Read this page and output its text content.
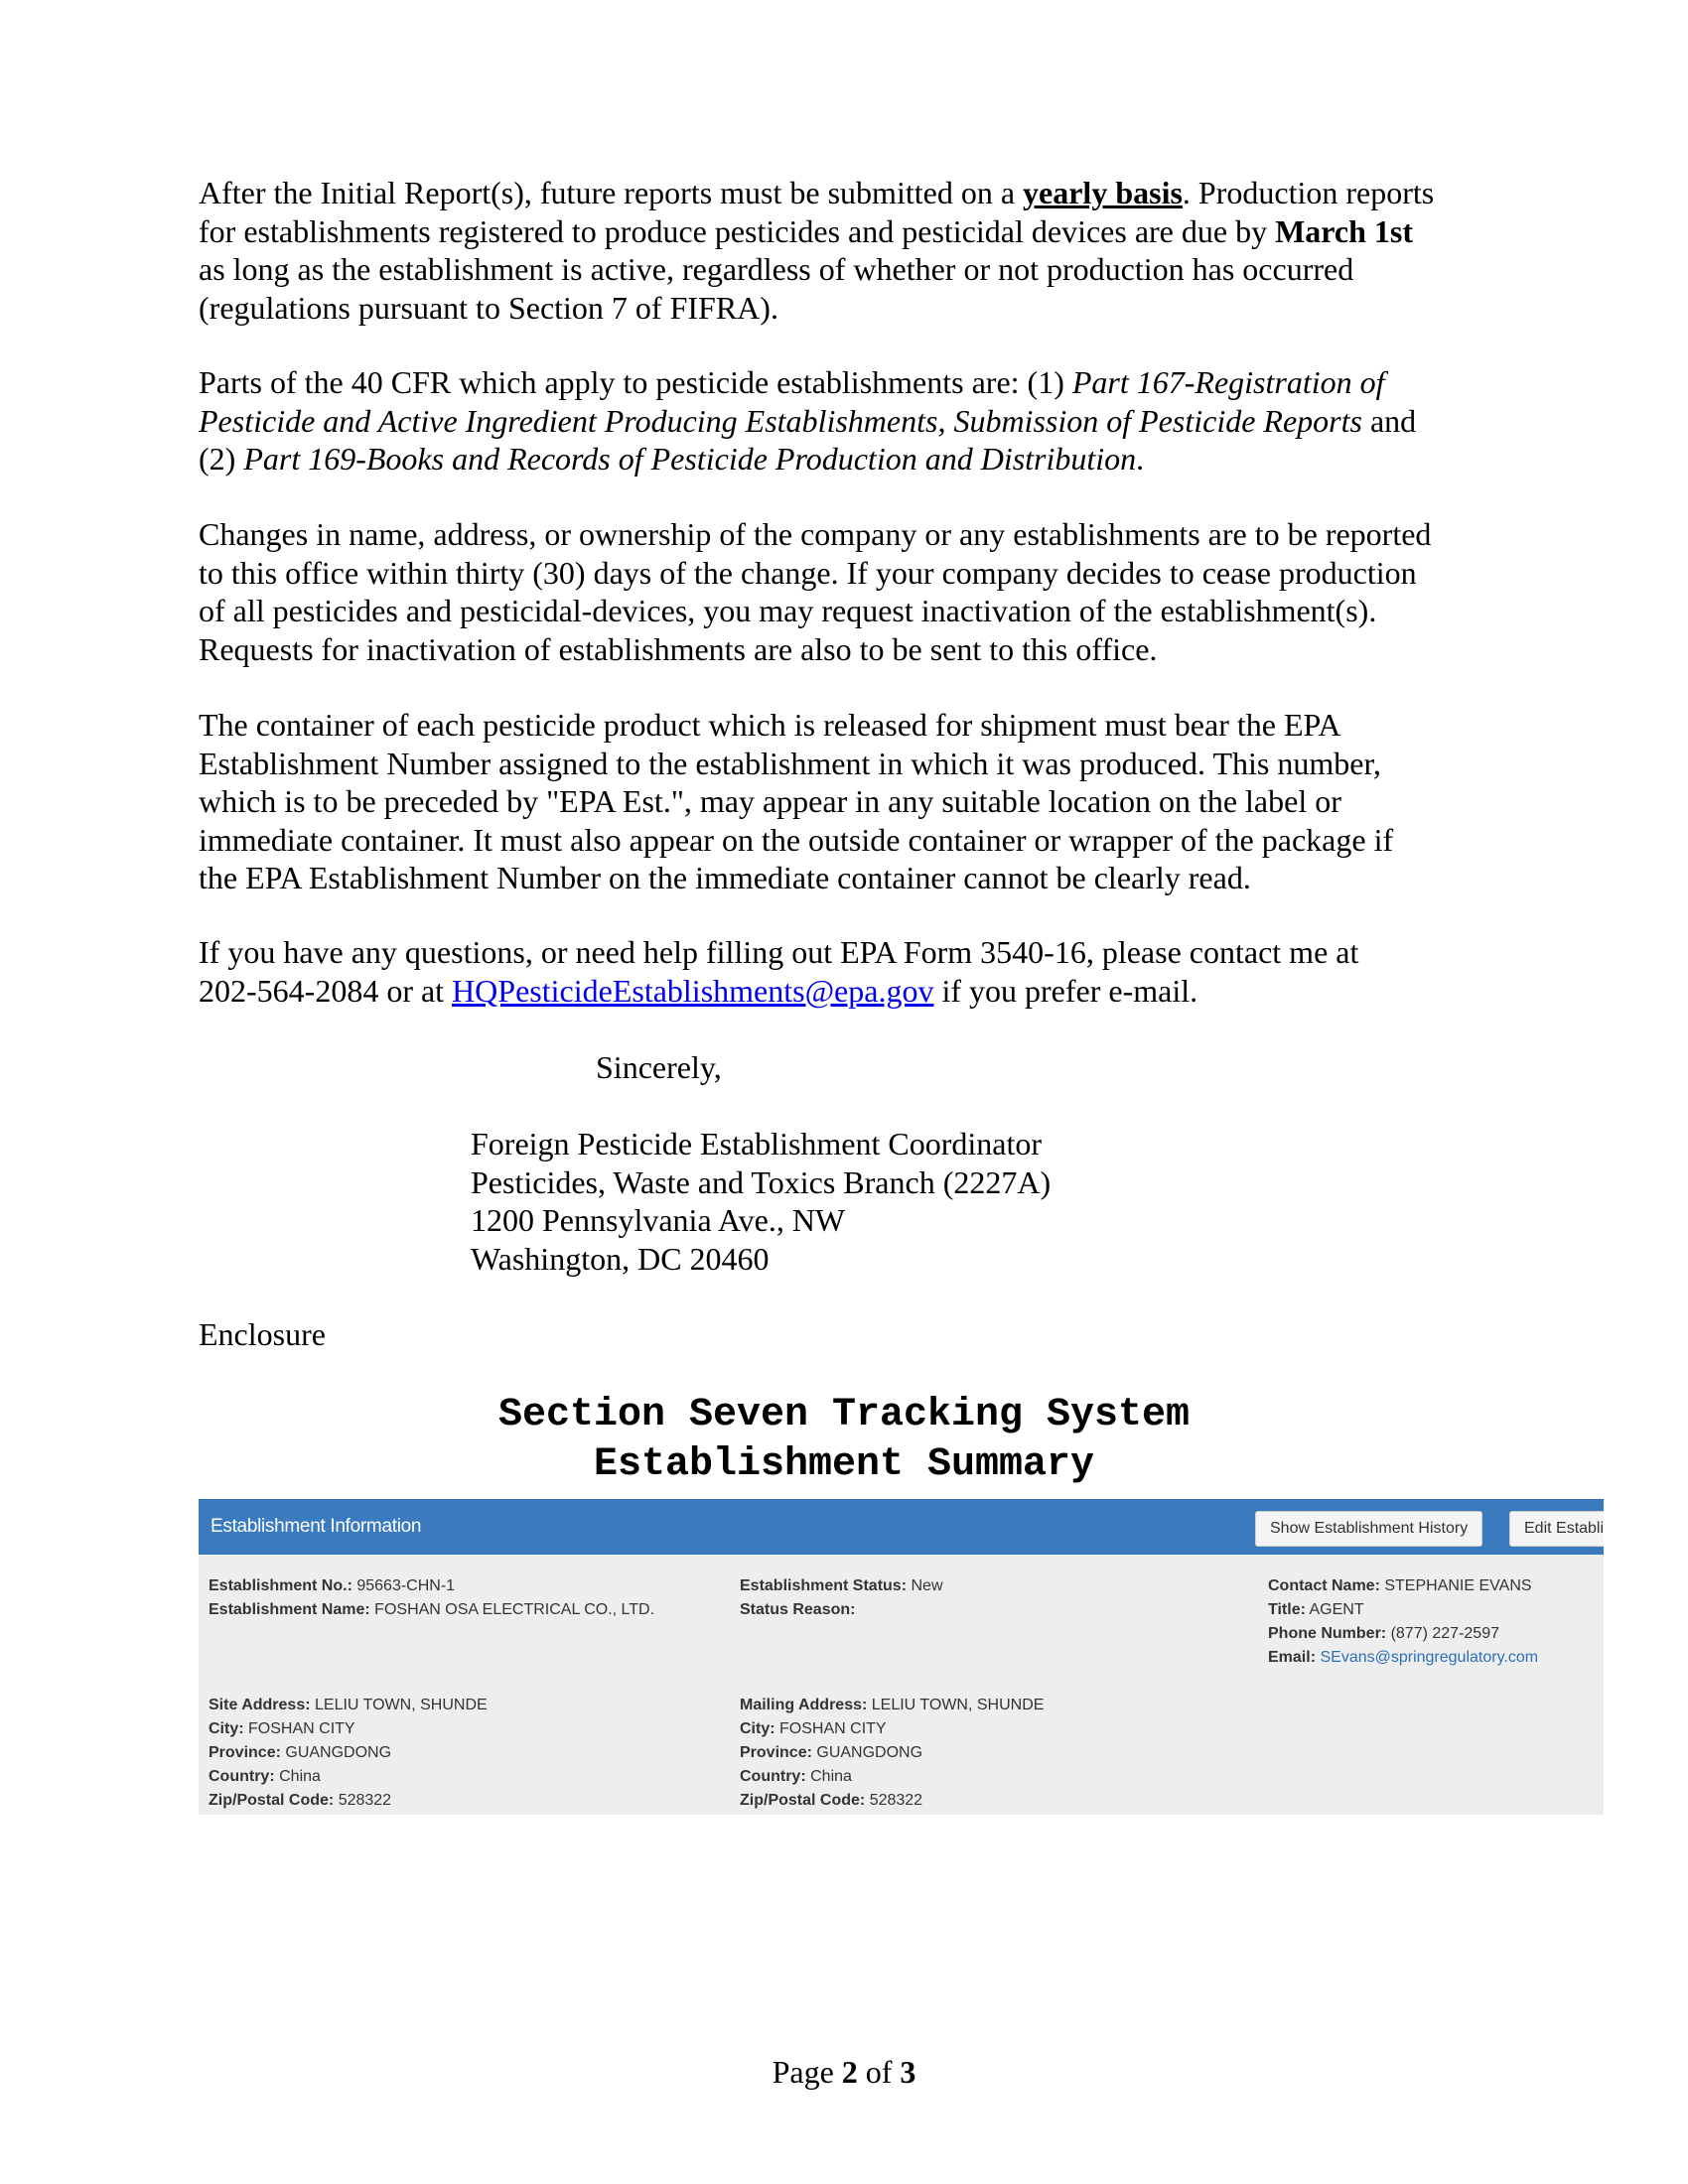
After the Initial Report(s), future reports must be submitted on a yearly basis. Production reports
for establishments registered to produce pesticides and pesticidal devices are due by March 1st
as long as the establishment is active, regardless of whether or not production has occurred
(regulations pursuant to Section 7 of FIFRA).

Parts of the 40 CFR which apply to pesticide establishments are: (1) Part 167-Registration of
Pesticide and Active Ingredient Producing Establishments, Submission of Pesticide Reports and
(2) Part 169-Books and Records of Pesticide Production and Distribution.

Changes in name, address, or ownership of the company or any establishments are to be reported
to this office within thirty (30) days of the change. If your company decides to cease production
of all pesticides and pesticidal-devices, you may request inactivation of the establishment(s).
Requests for inactivation of establishments are also to be sent to this office.

The container of each pesticide product which is released for shipment must bear the EPA
Establishment Number assigned to the establishment in which it was produced. This number,
which is to be preceded by "EPA Est.", may appear in any suitable location on the label or
immediate container. It must also appear on the outside container or wrapper of the package if
the EPA Establishment Number on the immediate container cannot be clearly read.

If you have any questions, or need help filling out EPA Form 3540-16, please contact me at
202-564-2084 or at HQPesticideEstablishments@epa.gov if you prefer e-mail.

Sincerely,
Foreign Pesticide Establishment Coordinator
Pesticides, Waste and Toxics Branch (2227A)
1200 Pennsylvania Ave., NW
Washington, DC 20460
Enclosure
Section Seven Tracking System
Establishment Summary
Establishment Information	Show Establishment History	Edit Establi
Establishment No.: 95663-CHN-1
Establishment Name: FOSHAN OSA ELECTRICAL CO., LTD.
Establishment Status: New
Status Reason:
Contact Name: STEPHANIE EVANS
Title: AGENT
Phone Number: (877) 227-2597
Email: SEvans@springregulatory.com
Site Address: LELIU TOWN, SHUNDE
City: FOSHAN CITY
Province: GUANGDONG
Country: China
Zip/Postal Code: 528322
Mailing Address: LELIU TOWN, SHUNDE
City: FOSHAN CITY
Province: GUANGDONG
Country: China
Zip/Postal Code: 528322
Page 2 of 3
